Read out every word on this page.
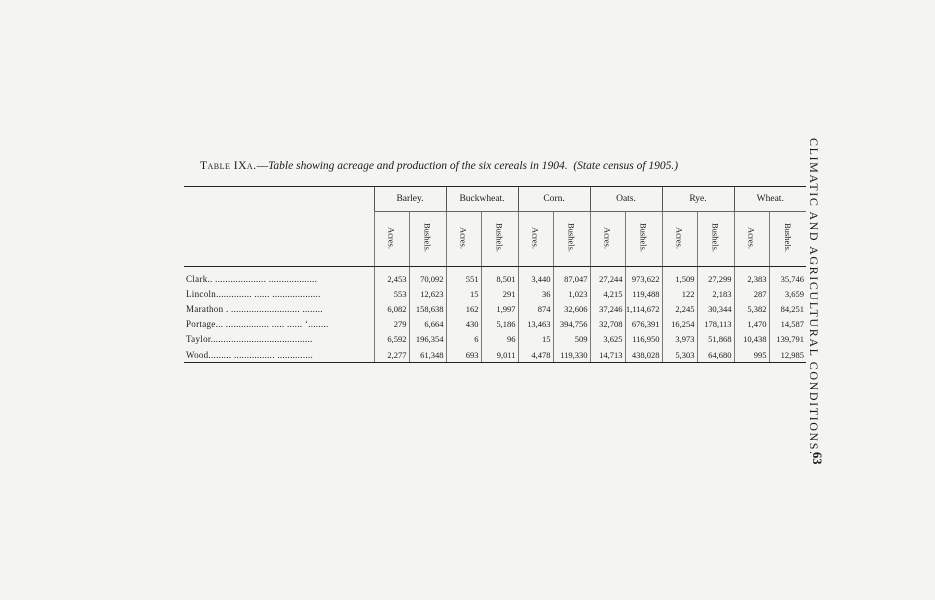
Table IXa.—Table showing acreage and production of the six cereals in 1904. (State census of 1905.)
	Barley.		Buckwheat.		Corn.		Oats.		Rye.		Wheat.	
	Acres.	Bushels.	Acres.	Bushels.	Acres.	Bushels.	Acres.	Bushels.	Acres.	Bushels.	Acres.	Bushels.
Clark.. .................... ...................	2,453	70,092	551	8,501	3,440	87,047	27,244	973,622	1,509	27,299	2,383	35,746
Lincoln.............. ...... ...................	553	12,623	15	291	36	1,023	4,215	119,488	122	2,183	287	3,659
Marathon . ........................... ........	6,082	158,638	162	1,997	874	32,606	37,246	1,114,672	2,245	30,344	5,382	84,251
Portage... ................. ..... ...... ‘........	279	6,664	430	5,186	13,463	394,756	32,708	676,391	16,254	178,113	1,470	14,587
Taylor........................................	6,592	196,354	6	96	15	509	3,625	116,950	3,973	51,868	10,438	139,791
Wood......... ................ ..............	2,277	61,348	693	9,011	4,478	119,330	14,713	438,028	5,303	64,680	995	12,985 CLIMATIC AND AGRICULTURAL CONDITIONS.
63
